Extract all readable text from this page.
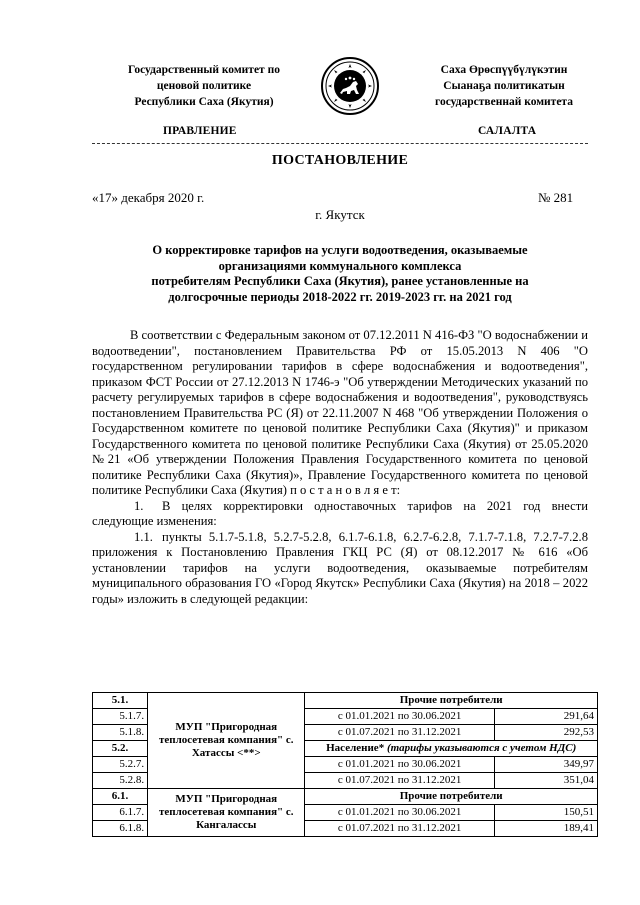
Государственный комитет по
ценовой политике
Республики Саха (Якутия)
Саха Өрөспүүбүлүкэтин
Сыанаҕа политикатын
государственнай комитета
ПРАВЛЕНИЕ	САЛАЛТА
ПОСТАНОВЛЕНИЕ
«17» декабря 2020 г.	№ 281
г. Якутск
О корректировке тарифов на услуги водоотведения, оказываемые
организациями коммунального комплекса
потребителям Республики Саха (Якутия), ранее установленные на
долгосрочные периоды 2018-2022 гг. 2019-2023 гг. на 2021 год

В соответствии с Федеральным законом от 07.12.2011 N 416-ФЗ "О водоснабжении и водоотведении", постановлением Правительства РФ от 15.05.2013 N 406 "О государственном регулировании тарифов в сфере водоснабжения и водоотведения", приказом ФСТ России от 27.12.2013 N 1746-э "Об утверждении Методических указаний по расчету регулируемых тарифов в сфере водоснабжения и водоотведения", руководствуясь постановлением Правительства РС (Я) от 22.11.2007 N 468 "Об утверждении Положения о Государственном комитете по ценовой политике Республики Саха (Якутия)" и приказом Государственного комитета по ценовой политике Республики Саха (Якутия) от 25.05.2020 №21 «Об утверждении Положения Правления Государственного комитета по ценовой политике Республики Саха (Якутия)», Правление Государственного комитета по ценовой политике Республики Саха (Якутия) п о с т а н о в л я е т:

1. В целях корректировки одноставочных тарифов на 2021 год внести следующие изменения:

1.1. пункты 5.1.7-5.1.8, 5.2.7-5.2.8, 6.1.7-6.1.8, 6.2.7-6.2.8, 7.1.7-7.1.8, 7.2.7-7.2.8 приложения к Постановлению Правления ГКЦ РС (Я) от 08.12.2017 № 616 «Об установлении тарифов на услуги водоотведения, оказываемые потребителям муниципального образования ГО «Город Якутск» Республики Саха (Якутия) на 2018 – 2022 годы» изложить в следующей редакции:

5.1.	МУП "Пригородная теплосетевая компания" с. Хатассы <**>	Прочие потребители	
5.1.7.		с 01.01.2021 по 30.06.2021	291,64
5.1.8.		с 01.07.2021 по 31.12.2021	292,53
5.2.		Население* (тарифы указываются с учетом НДС)	
5.2.7.		с 01.01.2021 по 30.06.2021	349,97
5.2.8.		с 01.07.2021 по 31.12.2021	351,04
6.1.	МУП "Пригородная теплосетевая компания" с. Кангалассы	Прочие потребители	
6.1.7.		с 01.01.2021 по 30.06.2021	150,51
6.1.8.		с 01.07.2021 по 31.12.2021	189,41
